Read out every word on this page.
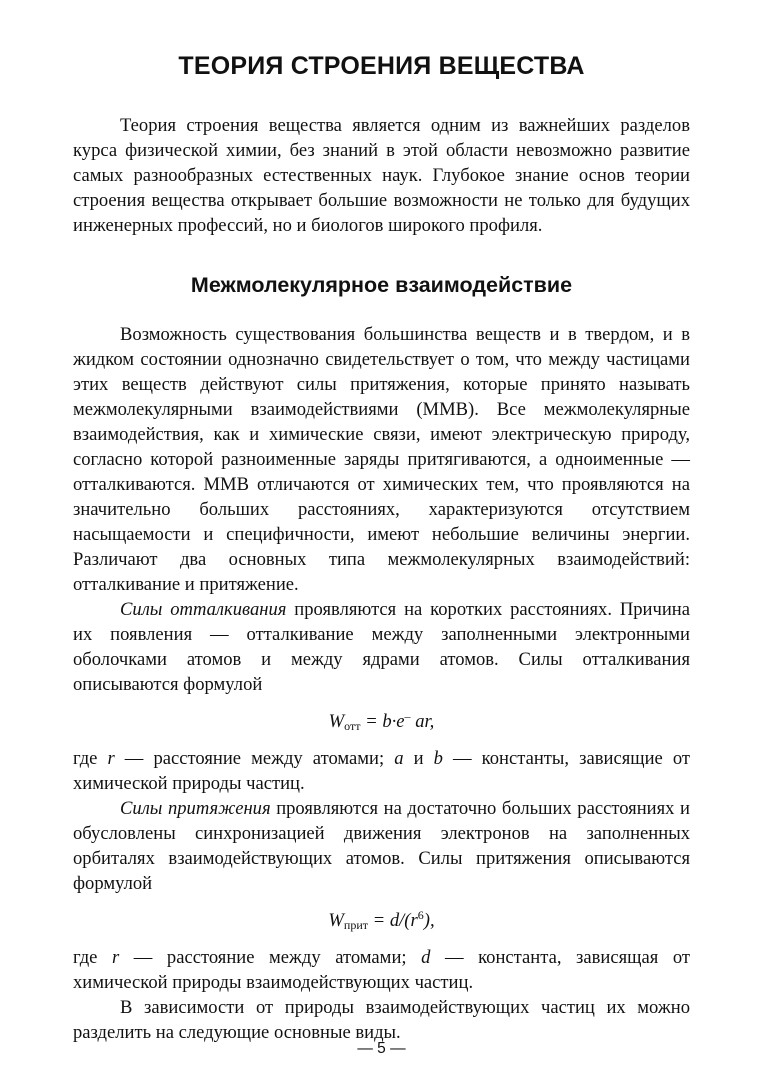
ТЕОРИЯ СТРОЕНИЯ ВЕЩЕСТВА

Теория строения вещества является одним из важнейших разделов курса физической химии, без знаний в этой области невозможно развитие самых разнообразных естественных наук. Глубокое знание основ теории строения вещества открывает большие возможности не только для будущих инженерных профессий, но и биологов широкого профиля.

Межмолекулярное взаимодействие

Возможность существования большинства веществ и в твердом, и в жидком состоянии однозначно свидетельствует о том, что между частицами этих веществ действуют силы притяжения, которые принято называть межмолекулярными взаимодействиями (ММВ). Все межмолекулярные взаимодействия, как и химические связи, имеют электрическую природу, согласно которой разноименные заряды притягиваются, а одноименные — отталкиваются. ММВ отличаются от химических тем, что проявляются на значительно больших расстояниях, характеризуются отсутствием насыщаемости и специфичности, имеют небольшие величины энергии. Различают два основных типа межмолекулярных взаимодействий: отталкивание и притяжение.

Силы отталкивания проявляются на коротких расстояниях. Причина их появления — отталкивание между заполненными электронными оболочками атомов и между ядрами атомов. Силы отталкивания описываются формулой

$W_{отт} = b\cdot e^-$ ar,

где r — расстояние между атомами; a и b — константы, зависящие от химической природы частиц.

Силы притяжения проявляются на достаточно больших расстояниях и обусловлены синхронизацией движения электронов на заполненных орбиталях взаимодействующих атомов. Силы притяжения описываются формулой

$W_{прит} = d/(r^6)$,

где r — расстояние между атомами; d — константа, зависящая от химической природы взаимодействующих частиц.

В зависимости от природы взаимодействующих частиц их можно разделить на следующие основные виды.

— 5 —
